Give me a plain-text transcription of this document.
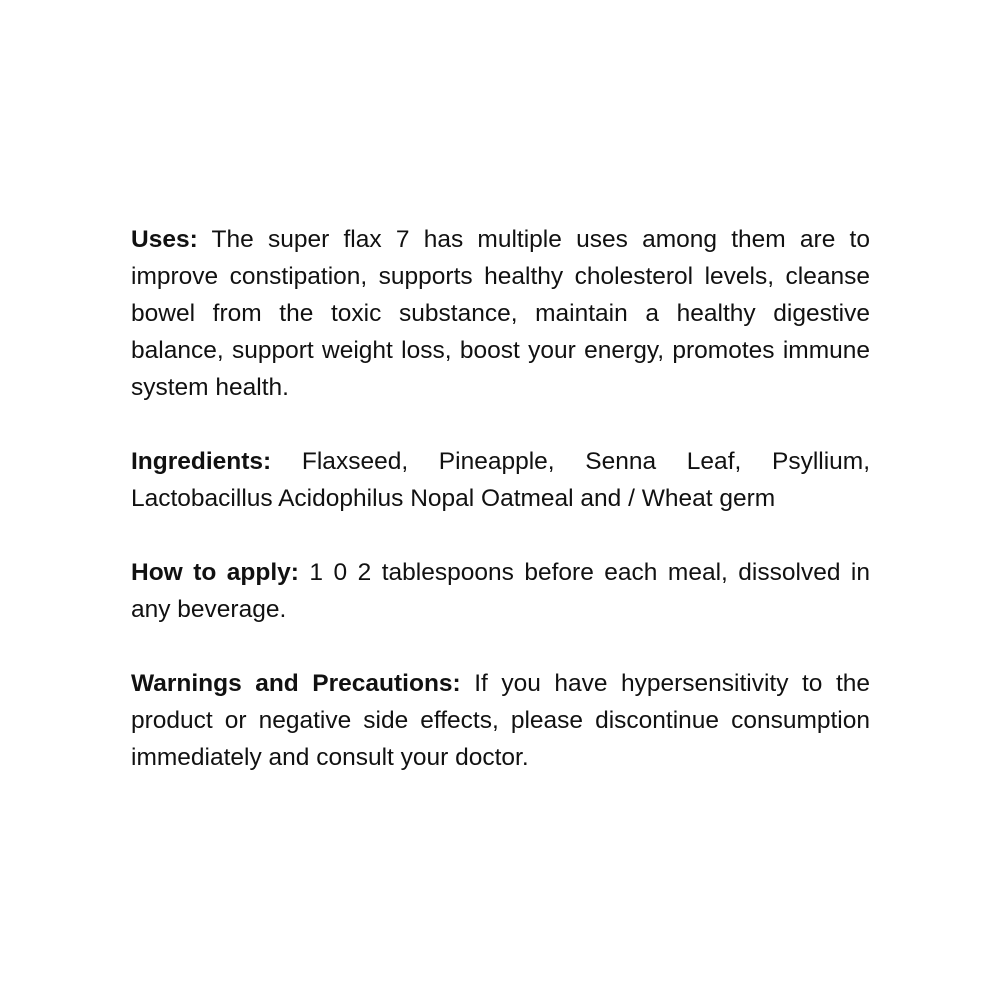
Uses: The super flax 7 has multiple uses among them are to improve constipation, supports healthy cholesterol levels, cleanse bowel from the toxic substance, maintain a healthy digestive balance, support weight loss, boost your energy, promotes immune system health.

Ingredients: Flaxseed, Pineapple, Senna Leaf, Psyllium, Lactobacillus Acidophilus Nopal Oatmeal and / Wheat germ

How to apply: 1 0 2 tablespoons before each meal, dissolved in any beverage.

Warnings and Precautions: If you have hypersensitivity to the product or negative side effects, please discontinue consumption immediately and consult your doctor.
